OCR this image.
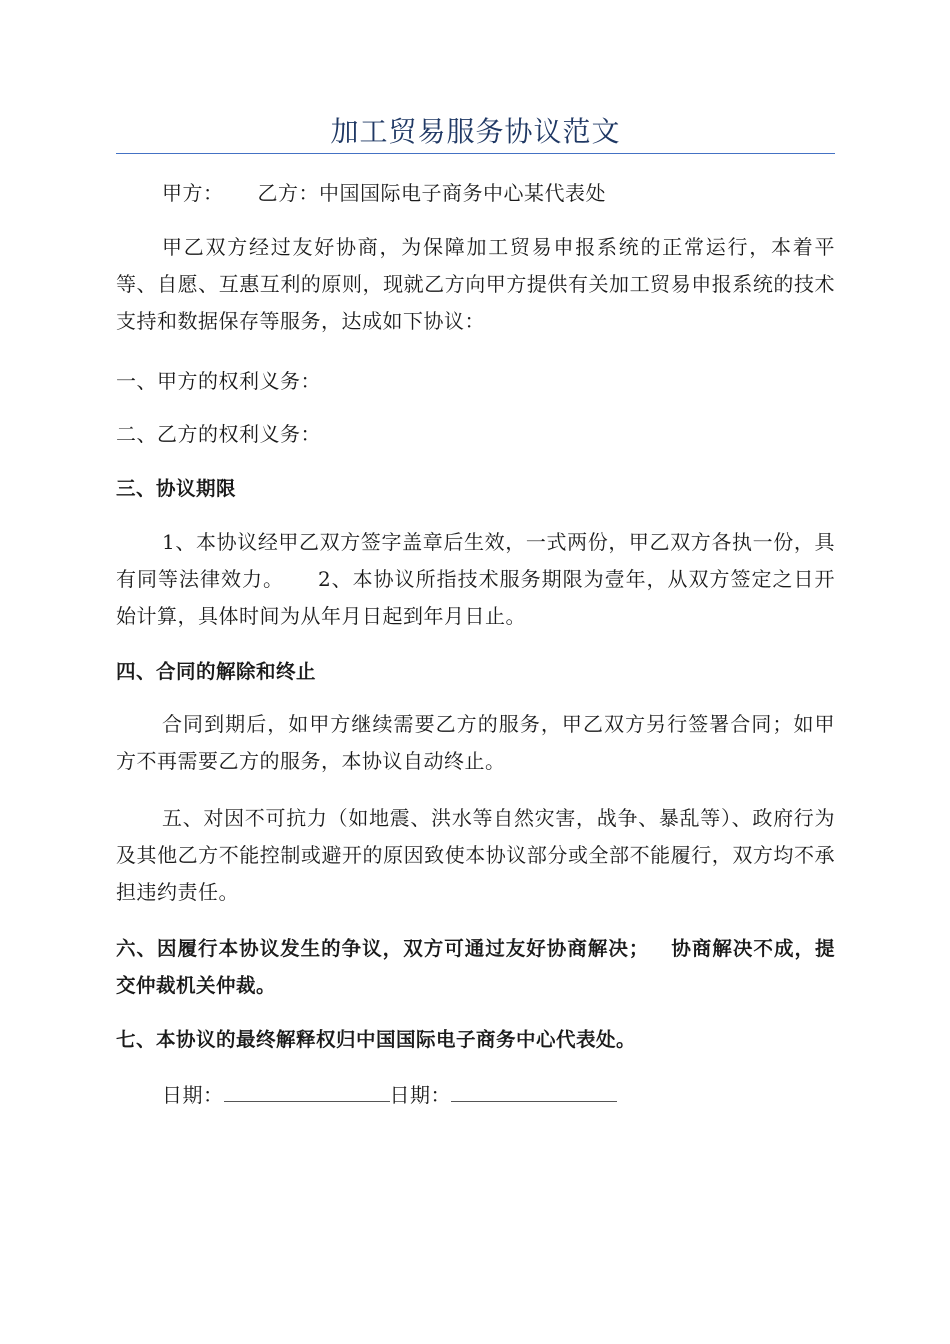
加工贸易服务协议范文
甲方： 乙方：中国国际电子商务中心某代表处
甲乙双方经过友好协商，为保障加工贸易申报系统的正常运行，本着平等、自愿、互惠互利的原则，现就乙方向甲方提供有关加工贸易申报系统的技术支持和数据保存等服务，达成如下协议：
一、甲方的权利义务：
二、乙方的权利义务：
三、协议期限
1、本协议经甲乙双方签字盖章后生效，一式两份，甲乙双方各执一份，具有同等法律效力。 2、本协议所指技术服务期限为壹年，从双方签定之日开始计算，具体时间为从年月日起到年月日止。
四、合同的解除和终止
合同到期后，如甲方继续需要乙方的服务，甲乙双方另行签署合同；如甲方不再需要乙方的服务，本协议自动终止。
五、对因不可抗力（如地震、洪水等自然灾害，战争、暴乱等）、政府行为及其他乙方不能控制或避开的原因致使本协议部分或全部不能履行，双方均不承担违约责任。
六、因履行本协议发生的争议，双方可通过友好协商解决； 协商解决不成，提交仲裁机关仲裁。
七、本协议的最终解释权归中国国际电子商务中心代表处。
日期：	日期：
